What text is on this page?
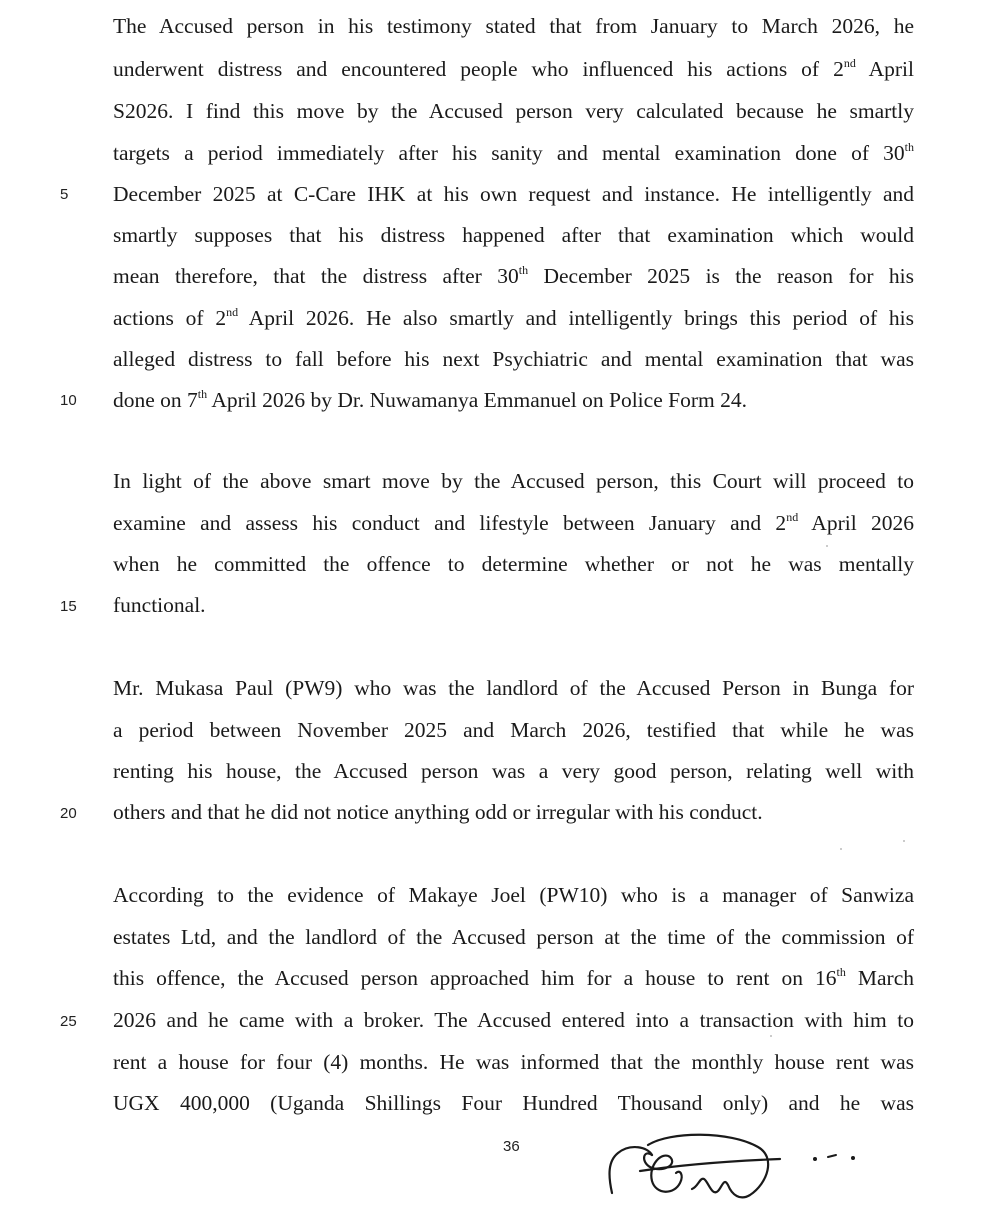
The Accused person in his testimony stated that from January to March 2026, he
underwent distress and encountered people who influenced his actions of 2nd April
S2026. I find this move by the Accused person very calculated because he smartly
targets a period immediately after his sanity and mental examination done of 30th
December 2025 at C-Care IHK at his own request and instance. He intelligently and
smartly supposes that his distress happened after that examination which would
mean therefore, that the distress after 30th December 2025 is the reason for his
actions of 2nd April 2026. He also smartly and intelligently brings this period of his
alleged distress to fall before his next Psychiatric and mental examination that was
done on 7th April 2026 by Dr. Nuwamanya Emmanuel on Police Form 24.
In light of the above smart move by the Accused person, this Court will proceed to
examine and assess his conduct and lifestyle between January and 2nd April 2026
when he committed the offence to determine whether or not he was mentally
functional.
Mr. Mukasa Paul (PW9) who was the landlord of the Accused Person in Bunga for
a period between November 2025 and March 2026, testified that while he was
renting his house, the Accused person was a very good person, relating well with
others and that he did not notice anything odd or irregular with his conduct.
According to the evidence of Makaye Joel (PW10) who is a manager of Sanwiza
estates Ltd, and the landlord of the Accused person at the time of the commission of
this offence, the Accused person approached him for a house to rent on 16th March
2026 and he came with a broker. The Accused entered into a transaction with him to
rent a house for four (4) months. He was informed that the monthly house rent was
UGX 400,000 (Uganda Shillings Four Hundred Thousand only) and he was
5
10
15
20
25
36
